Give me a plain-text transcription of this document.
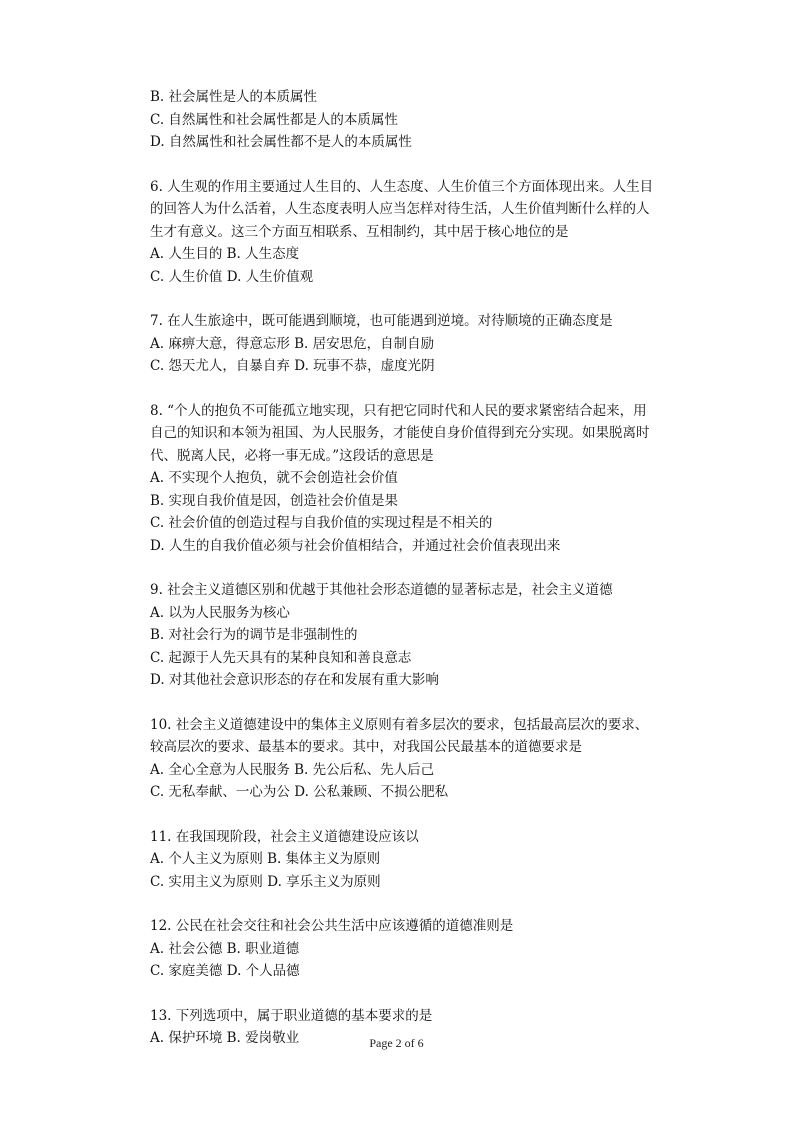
B. 社会属性是人的本质属性
C. 自然属性和社会属性都是人的本质属性
D. 自然属性和社会属性都不是人的本质属性
6. 人生观的作用主要通过人生目的、人生态度、人生价值三个方面体现出来。人生目
的回答人为什么活着，人生态度表明人应当怎样对待生活，人生价值判断什么样的人
生才有意义。这三个方面互相联系、互相制约，其中居于核心地位的是
A. 人生目的 B. 人生态度
C. 人生价值 D. 人生价值观
7. 在人生旅途中，既可能遇到顺境，也可能遇到逆境。对待顺境的正确态度是
A. 麻痹大意，得意忘形 B. 居安思危，自制自励
C. 怨天尤人，自暴自弃 D. 玩事不恭，虚度光阴
8. “个人的抱负不可能孤立地实现，只有把它同时代和人民的要求紧密结合起来，用
自己的知识和本领为祖国、为人民服务，才能使自身价值得到充分实现。如果脱离时
代、脱离人民，必将一事无成。”这段话的意思是
A. 不实现个人抱负，就不会创造社会价值
B. 实现自我价值是因，创造社会价值是果
C. 社会价值的创造过程与自我价值的实现过程是不相关的
D. 人生的自我价值必须与社会价值相结合，并通过社会价值表现出来
9. 社会主义道德区别和优越于其他社会形态道德的显著标志是，社会主义道德
A. 以为人民服务为核心
B. 对社会行为的调节是非强制性的
C. 起源于人先天具有的某种良知和善良意志
D. 对其他社会意识形态的存在和发展有重大影响
10. 社会主义道德建设中的集体主义原则有着多层次的要求，包括最高层次的要求、
较高层次的要求、最基本的要求。其中，对我国公民最基本的道德要求是
A. 全心全意为人民服务 B. 先公后私、先人后己
C. 无私奉献、一心为公 D. 公私兼顾、不损公肥私
11. 在我国现阶段，社会主义道德建设应该以
A. 个人主义为原则 B. 集体主义为原则
C. 实用主义为原则 D. 享乐主义为原则
12. 公民在社会交往和社会公共生活中应该遵循的道德准则是
A. 社会公德 B. 职业道德
C. 家庭美德 D. 个人品德
13. 下列选项中，属于职业道德的基本要求的是
A. 保护环境 B. 爱岗敬业	Page 2 of 6
